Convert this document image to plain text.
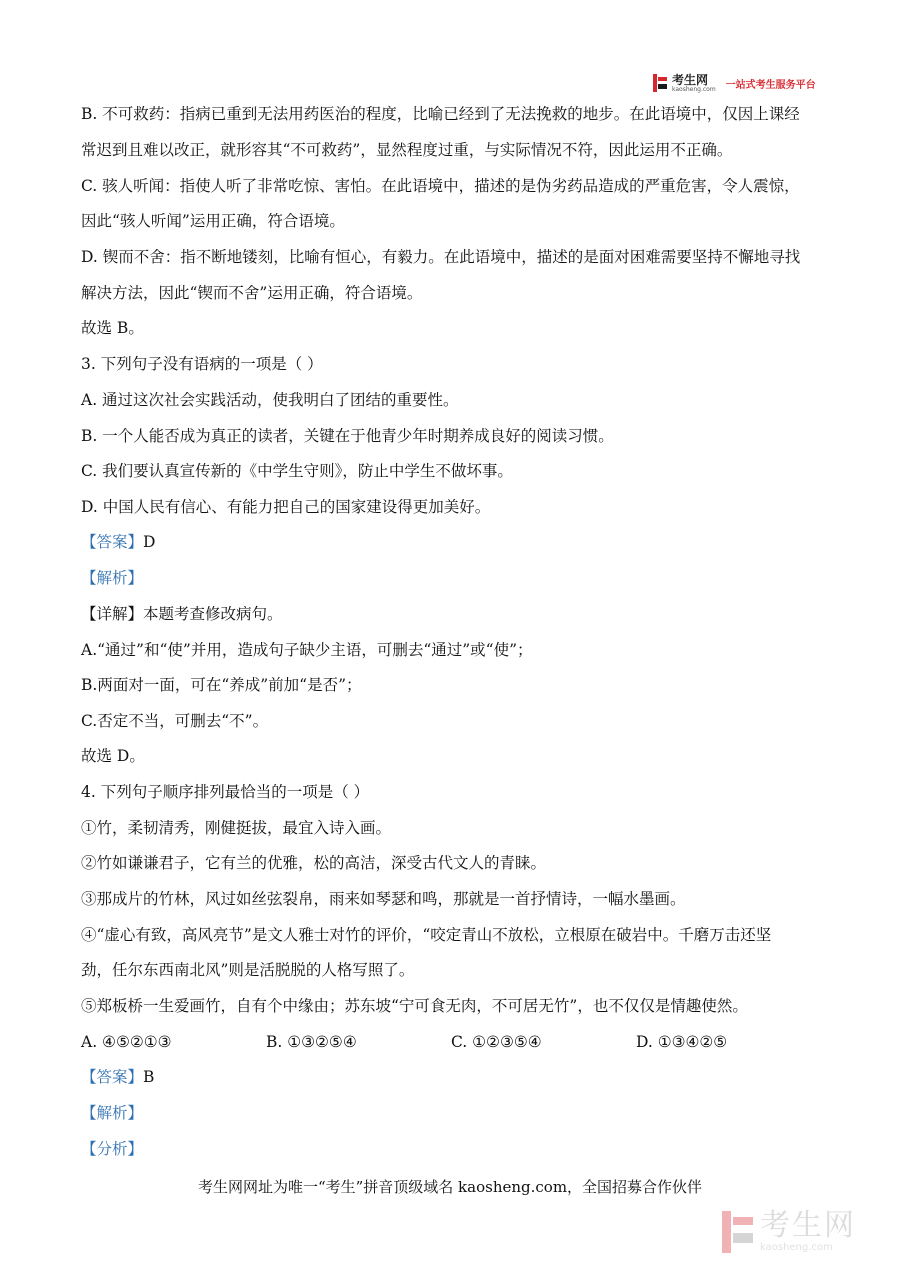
考生网
kaosheng.com 一站式考生服务平台
B. 不可救药：指病已重到无法用药医治的程度，比喻已经到了无法挽救的地步。在此语境中，仅因上课经
常迟到且难以改正，就形容其“不可救药”，显然程度过重，与实际情况不符，因此运用不正确。
C. 骇人听闻：指使人听了非常吃惊、害怕。在此语境中，描述的是伪劣药品造成的严重危害，令人震惊，
因此“骇人听闻”运用正确，符合语境。
D. 锲而不舍：指不断地镂刻，比喻有恒心，有毅力。在此语境中，描述的是面对困难需要坚持不懈地寻找
解决方法，因此“锲而不舍”运用正确，符合语境。
故选 B。
3. 下列句子没有语病的一项是（ ）
A. 通过这次社会实践活动，使我明白了团结的重要性。
B. 一个人能否成为真正的读者，关键在于他青少年时期养成良好的阅读习惯。
C. 我们要认真宣传新的《中学生守则》，防止中学生不做坏事。
D. 中国人民有信心、有能力把自己的国家建设得更加美好。
【答案】D
【解析】
【详解】本题考查修改病句。
A.“通过”和“使”并用，造成句子缺少主语，可删去“通过”或“使”；
B.两面对一面，可在“养成”前加“是否”；
C.否定不当，可删去“不”。
故选 D。
4. 下列句子顺序排列最恰当的一项是（ ）
①竹，柔韧清秀，刚健挺拔，最宜入诗入画。
②竹如谦谦君子，它有兰的优雅，松的高洁，深受古代文人的青睐。
③那成片的竹林，风过如丝弦裂帛，雨来如琴瑟和鸣，那就是一首抒情诗，一幅水墨画。
④“虚心有致，高风亮节”是文人雅士对竹的评价，“咬定青山不放松，立根原在破岩中。千磨万击还坚
劲，任尔东西南北风”则是活脱脱的人格写照了。
⑤郑板桥一生爱画竹，自有个中缘由；苏东坡“宁可食无肉，不可居无竹”，也不仅仅是情趣使然。
A. ④⑤②①③	B. ①③②⑤④	C. ①②③⑤④	D. ①③④②⑤
【答案】B
【解析】
【分析】
考生网网址为唯一“考生”拼音顶级域名 kaosheng.com，全国招募合作伙伴
考生网
kaosheng.com
